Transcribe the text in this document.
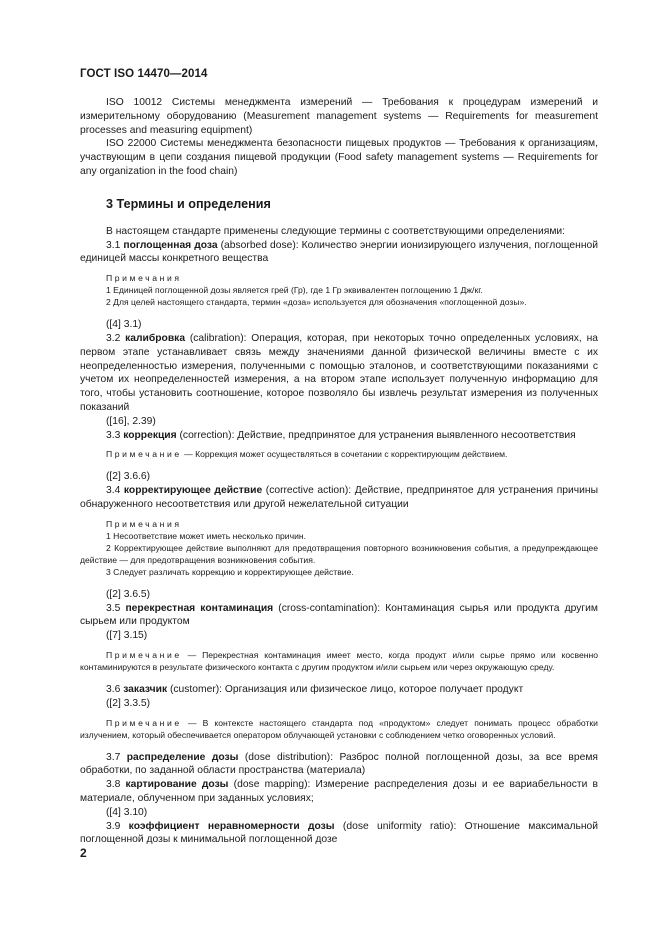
ГОСТ ISO 14470—2014

ISO 10012 Системы менеджмента измерений — Требования к процедурам измерений и измерительному оборудованию (Measurement management systems — Requirements for measurement processes and measuring equipment)

ISO 22000 Системы менеджмента безопасности пищевых продуктов — Требования к организациям, участвующим в цепи создания пищевой продукции (Food safety management systems — Requirements for any organization in the food chain)

3 Термины и определения

В настоящем стандарте применены следующие термины с соответствующими определениями:

3.1 поглощенная доза (absorbed dose): Количество энергии ионизирующего излучения, поглощенной единицей массы конкретного вещества

Примечания

1 Единицей поглощенной дозы является грей (Гр), где 1 Гр эквивалентен поглощению 1 Дж/кг.

2 Для целей настоящего стандарта, термин «доза» используется для обозначения «поглощенной дозы».

([4] 3.1)

3.2 калибровка (calibration): Операция, которая, при некоторых точно определенных условиях, на первом этапе устанавливает связь между значениями данной физической величины вместе с их неопределенностью измерения, полученными с помощью эталонов, и соответствующими показаниями с учетом их неопределенностей измерения, а на втором этапе использует полученную информацию для того, чтобы установить соотношение, которое позволяло бы извлечь результат измерения из полученных показаний

([16], 2.39)

3.3 коррекция (correction): Действие, предпринятое для устранения выявленного несоответствия

Примечание — Коррекция может осуществляться в сочетании с корректирующим действием.

([2] 3.6.6)

3.4 корректирующее действие (corrective action): Действие, предпринятое для устранения причины обнаруженного несоответствия или другой нежелательной ситуации

Примечания

1 Несоответствие может иметь несколько причин.

2 Корректирующее действие выполняют для предотвращения повторного возникновения события, а предупреждающее действие — для предотвращения возникновения события.

3 Следует различать коррекцию и корректирующее действие.

([2] 3.6.5)

3.5 перекрестная контаминация (cross-contamination): Контаминация сырья или продукта другим сырьем или продуктом

([7] 3.15)

Примечание — Перекрестная контаминация имеет место, когда продукт и/или сырье прямо или косвенно контаминируются в результате физического контакта с другим продуктом и/или сырьем или через окружающую среду.

3.6 заказчик (customer): Организация или физическое лицо, которое получает продукт

([2] 3.3.5)

Примечание — В контексте настоящего стандарта под «продуктом» следует понимать процесс обработки излучением, который обеспечивается оператором облучающей установки с соблюдением четко оговоренных условий.

3.7 распределение дозы (dose distribution): Разброс полной поглощенной дозы, за все время обработки, по заданной области пространства (материала)

3.8 картирование дозы (dose mapping): Измерение распределения дозы и ее вариабельности в материале, облученном при заданных условиях;

([4] 3.10)

3.9 коэффициент неравномерности дозы (dose uniformity ratio): Отношение максимальной поглощенной дозы к минимальной поглощенной дозе

2
